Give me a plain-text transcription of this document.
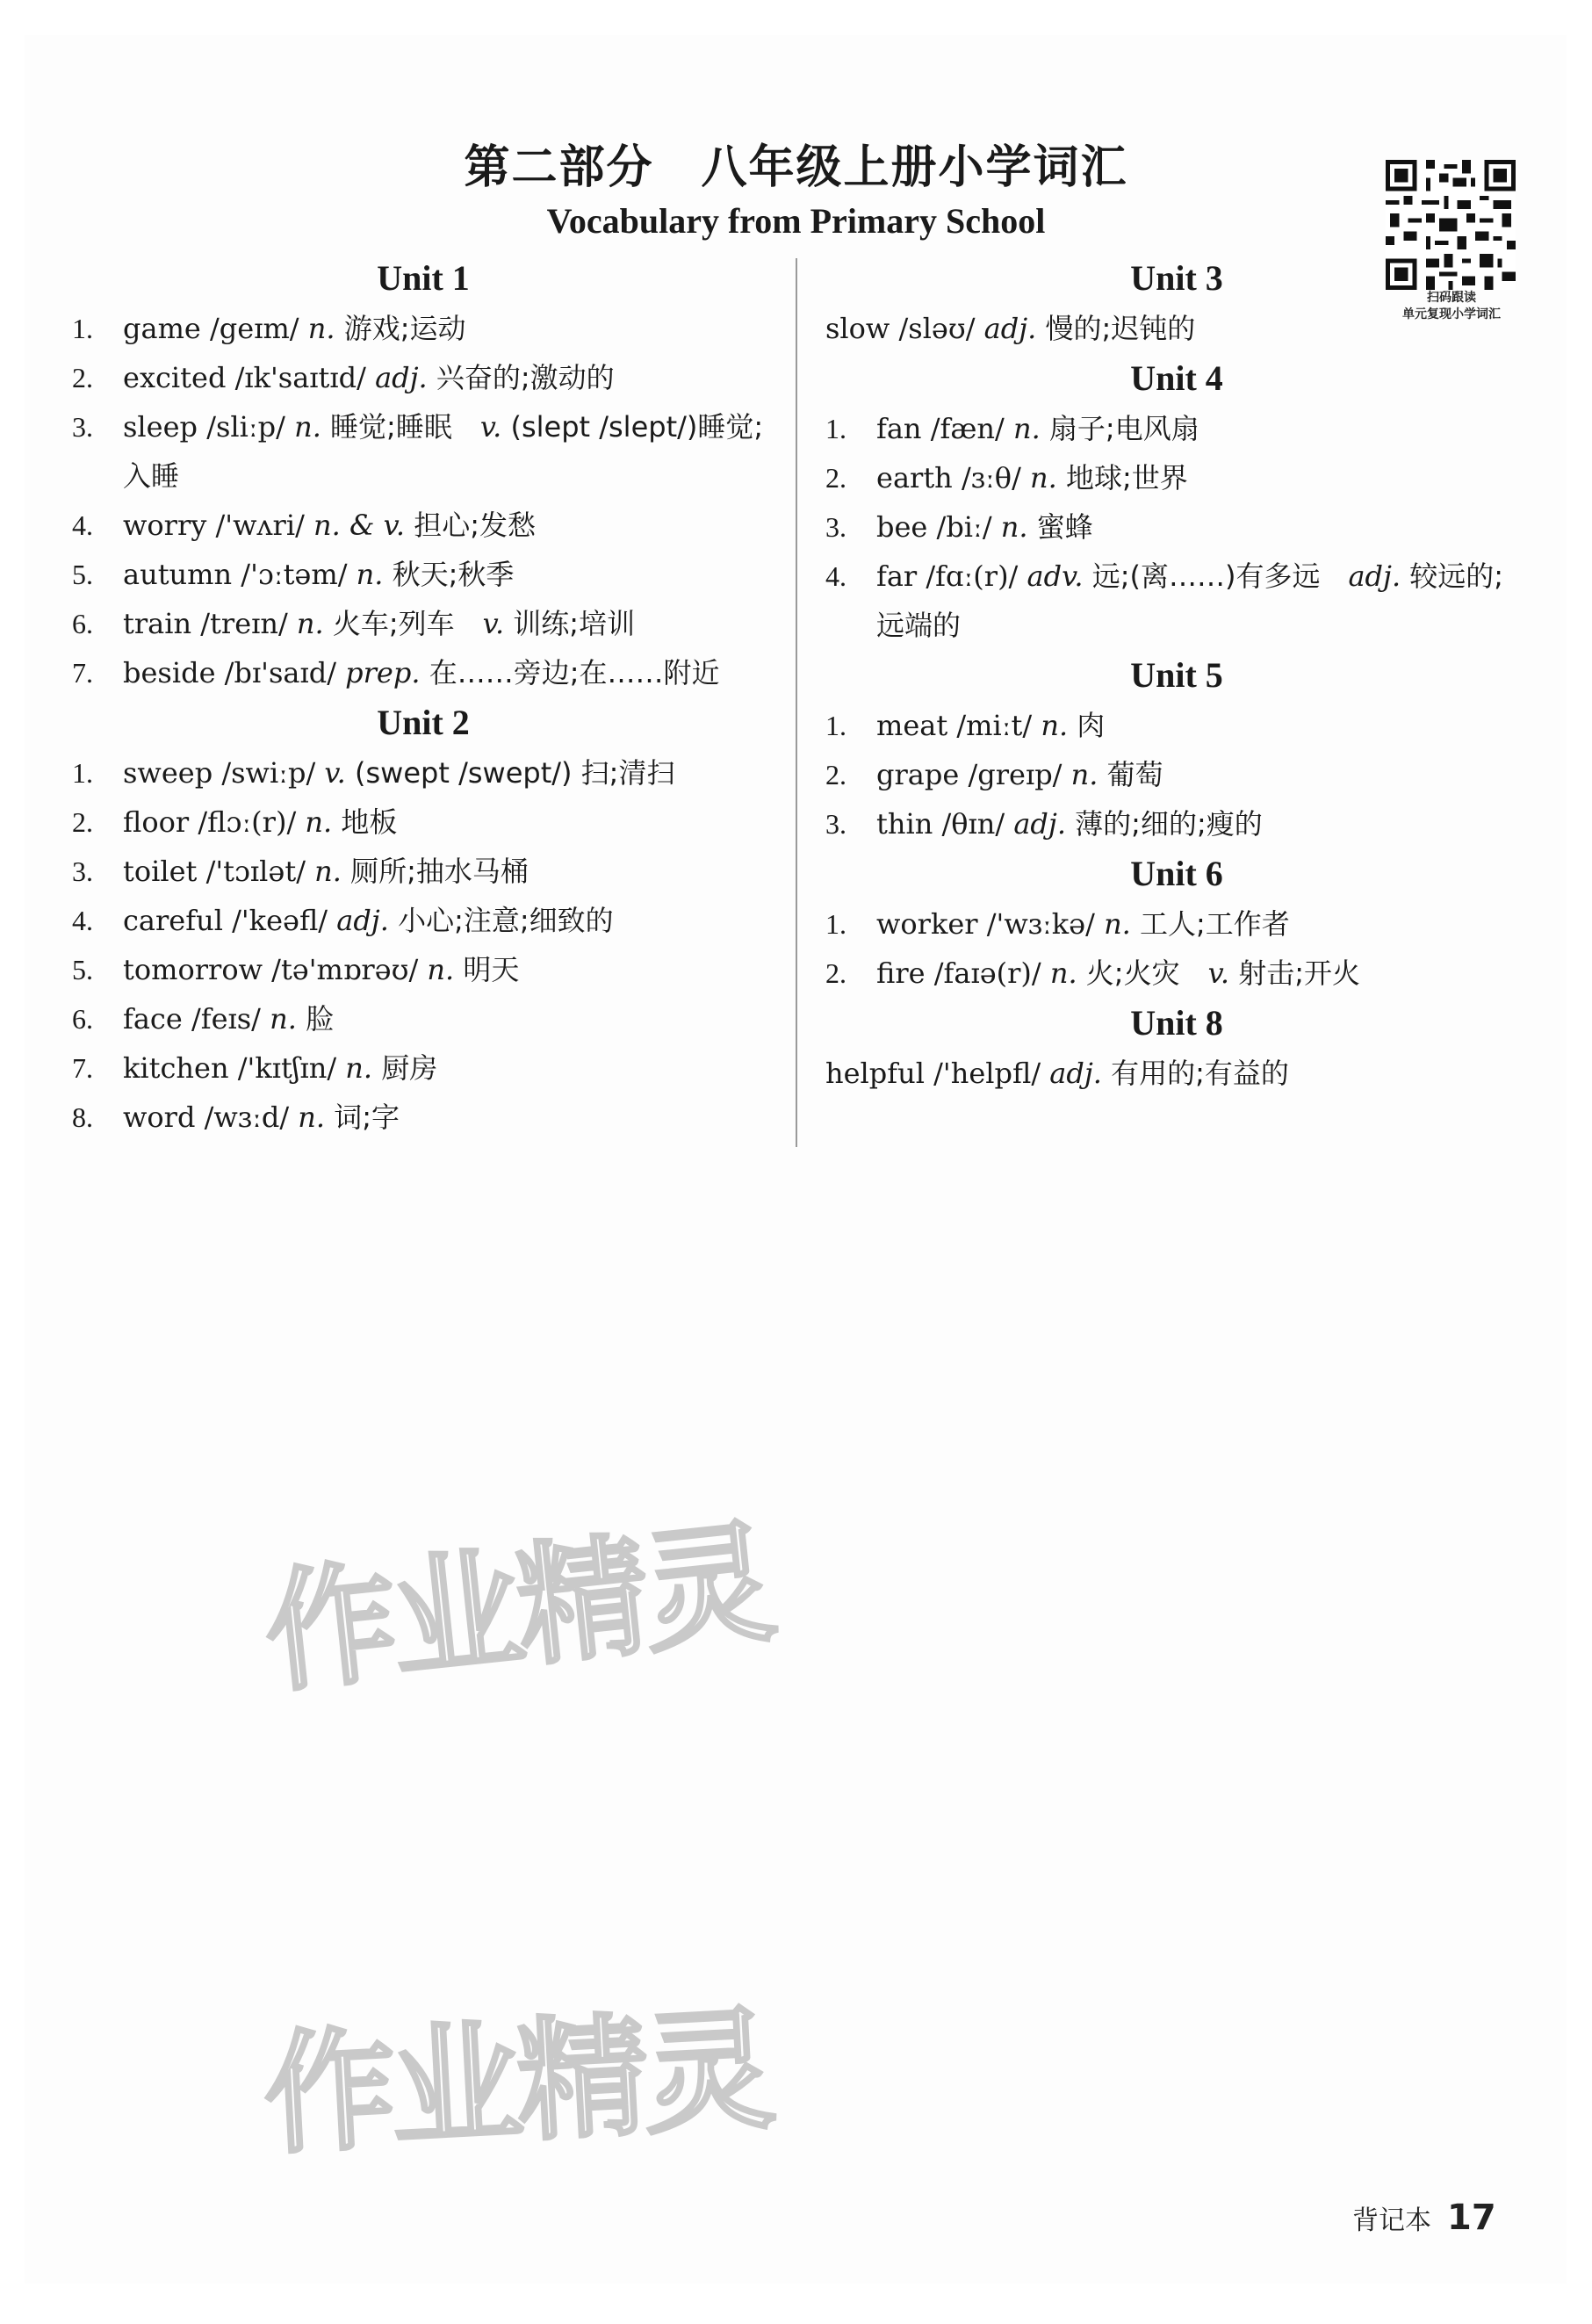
第二部分　八年级上册小学词汇
Vocabulary from Primary School
扫码跟读
单元复现小学词汇
Unit 1
1.	game /geɪm/ n. 游戏;运动
2.	excited /ɪk'saɪtɪd/ adj. 兴奋的;激动的
3.	sleep /sliːp/ n. 睡觉;睡眠  v. (slept /slept/)睡觉;入睡
4.	worry /'wʌri/ n. & v. 担心;发愁
5.	autumn /'ɔːtəm/ n. 秋天;秋季
6.	train /treɪn/ n. 火车;列车  v. 训练;培训
7.	beside /bɪ'saɪd/ prep. 在……旁边;在……附近
Unit 2
1.	sweep /swiːp/ v. (swept /swept/) 扫;清扫
2.	floor /flɔː(r)/ n. 地板
3.	toilet /'tɔɪlət/ n. 厕所;抽水马桶
4.	careful /'keəfl/ adj. 小心;注意;细致的
5.	tomorrow /tə'mɒrəʊ/ n. 明天
6.	face /feɪs/ n. 脸
7.	kitchen /'kɪtʃɪn/ n. 厨房
8.	word /wɜːd/ n. 词;字
Unit 3
slow /sləʊ/ adj. 慢的;迟钝的
Unit 4
1.	fan /fæn/ n. 扇子;电风扇
2.	earth /ɜːθ/ n. 地球;世界
3.	bee /biː/ n. 蜜蜂
4.	far /fɑː(r)/ adv. 远;(离……)有多远  adj. 较远的;远端的
Unit 5
1.	meat /miːt/ n. 肉
2.	grape /greɪp/ n. 葡萄
3.	thin /θɪn/ adj. 薄的;细的;瘦的
Unit 6
1.	worker /'wɜːkə/ n. 工人;工作者
2.	fire /faɪə(r)/ n. 火;火灾  v. 射击;开火
Unit 8
helpful /'helpfl/ adj. 有用的;有益的
作业精灵
作业精灵
背记本 17
